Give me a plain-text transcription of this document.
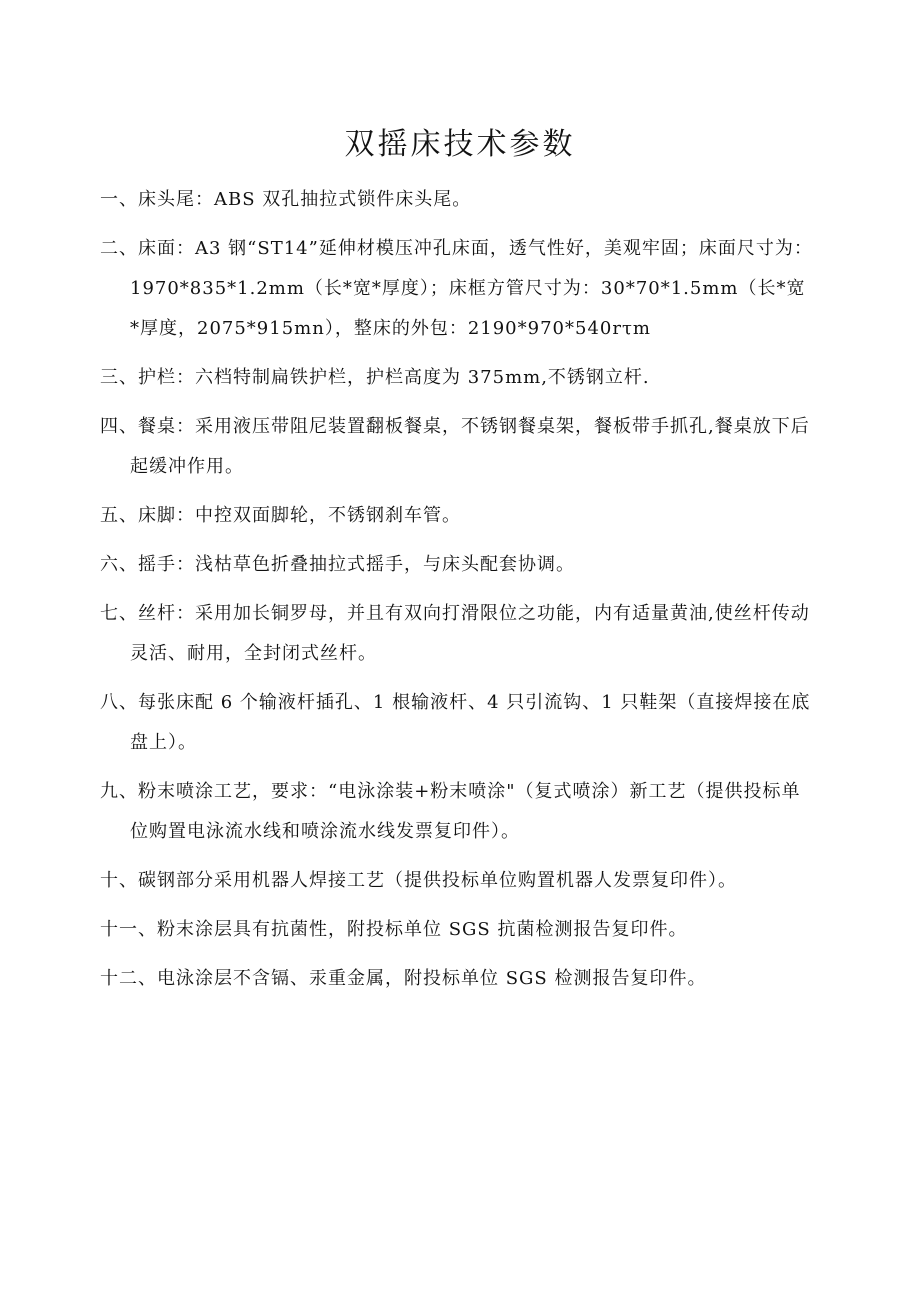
双摇床技术参数
一、床头尾：ABS 双孔抽拉式锁件床头尾。
二、床面：A3 钢“ST14”延伸材模压冲孔床面，透气性好，美观牢固；床面尺寸为：1970*835*1.2mm（长*宽*厚度）；床框方管尺寸为：30*70*1.5mm（长*宽*厚度，2075*915mn），整床的外包：2190*970*540rτm
三、护栏：六档特制扁铁护栏，护栏高度为 375mm,不锈钢立杆.
四、餐桌：采用液压带阻尼装置翻板餐桌，不锈钢餐桌架，餐板带手抓孔,餐桌放下后起缓冲作用。
五、床脚：中控双面脚轮，不锈钢刹车管。
六、摇手：浅枯草色折叠抽拉式摇手，与床头配套协调。
七、丝杆：采用加长铜罗母，并且有双向打滑限位之功能，内有适量黄油,使丝杆传动灵活、耐用，全封闭式丝杆。
八、每张床配 6 个输液杆插孔、1 根输液杆、4 只引流钩、1 只鞋架（直接焊接在底盘上）。
九、粉末喷涂工艺，要求：“电泳涂装+粉末喷涂"（复式喷涂）新工艺（提供投标单位购置电泳流水线和喷涂流水线发票复印件）。
十、碳钢部分采用机器人焊接工艺（提供投标单位购置机器人发票复印件）。
十一、粉末涂层具有抗菌性，附投标单位 SGS 抗菌检测报告复印件。
十二、电泳涂层不含镉、汞重金属，附投标单位 SGS 检测报告复印件。
